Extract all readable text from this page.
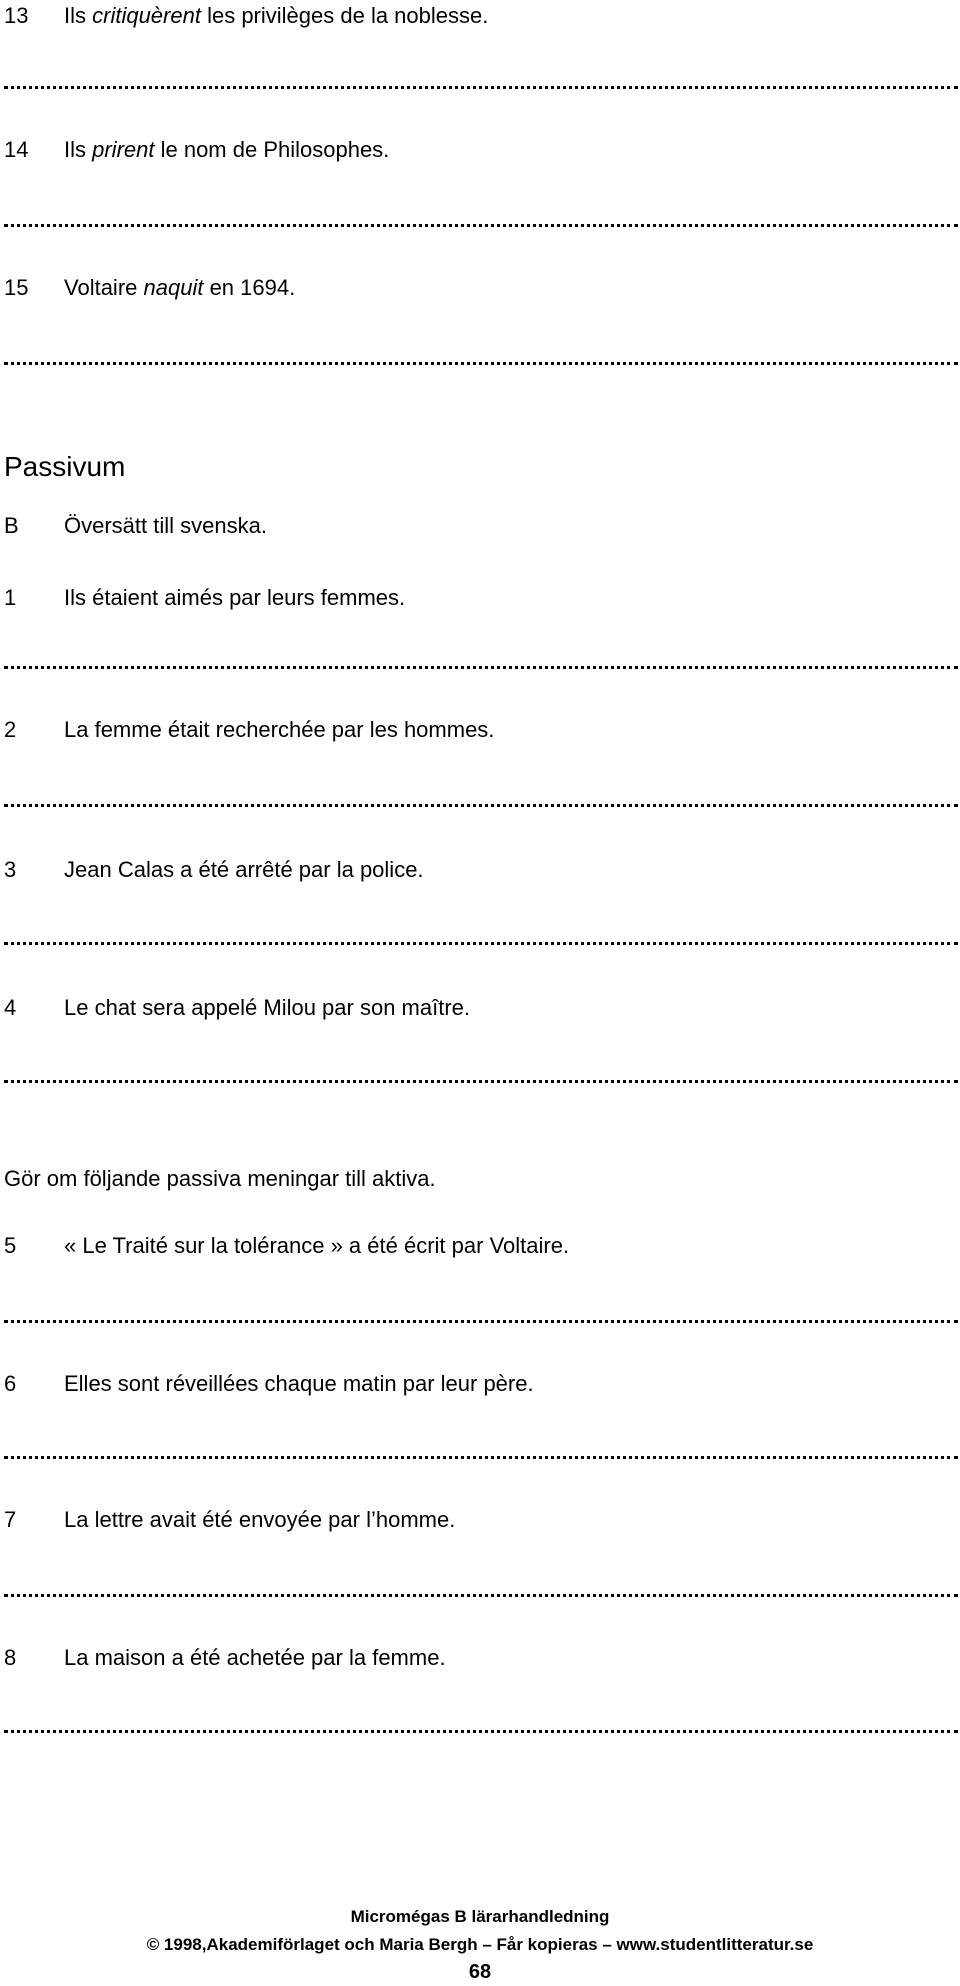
13 Ils critiquèrent les privilèges de la noblesse.
14 Ils prirent le nom de Philosophes.
15 Voltaire naquit en 1694.
Passivum
B Översätt till svenska.
1 Ils étaient aimés par leurs femmes.
2 La femme était recherchée par les hommes.
3 Jean Calas a été arrêté par la police.
4 Le chat sera appelé Milou par son maître.
Gör om följande passiva meningar till aktiva.
5 « Le Traité sur la tolérance » a été écrit par Voltaire.
6 Elles sont réveillées chaque matin par leur père.
7 La lettre avait été envoyée par l’homme.
8 La maison a été achetée par la femme.
Micromégas B lärarhandledning
© 1998,Akademiförlaget och Maria Bergh – Får kopieras – www.studentlitteratur.se
68
